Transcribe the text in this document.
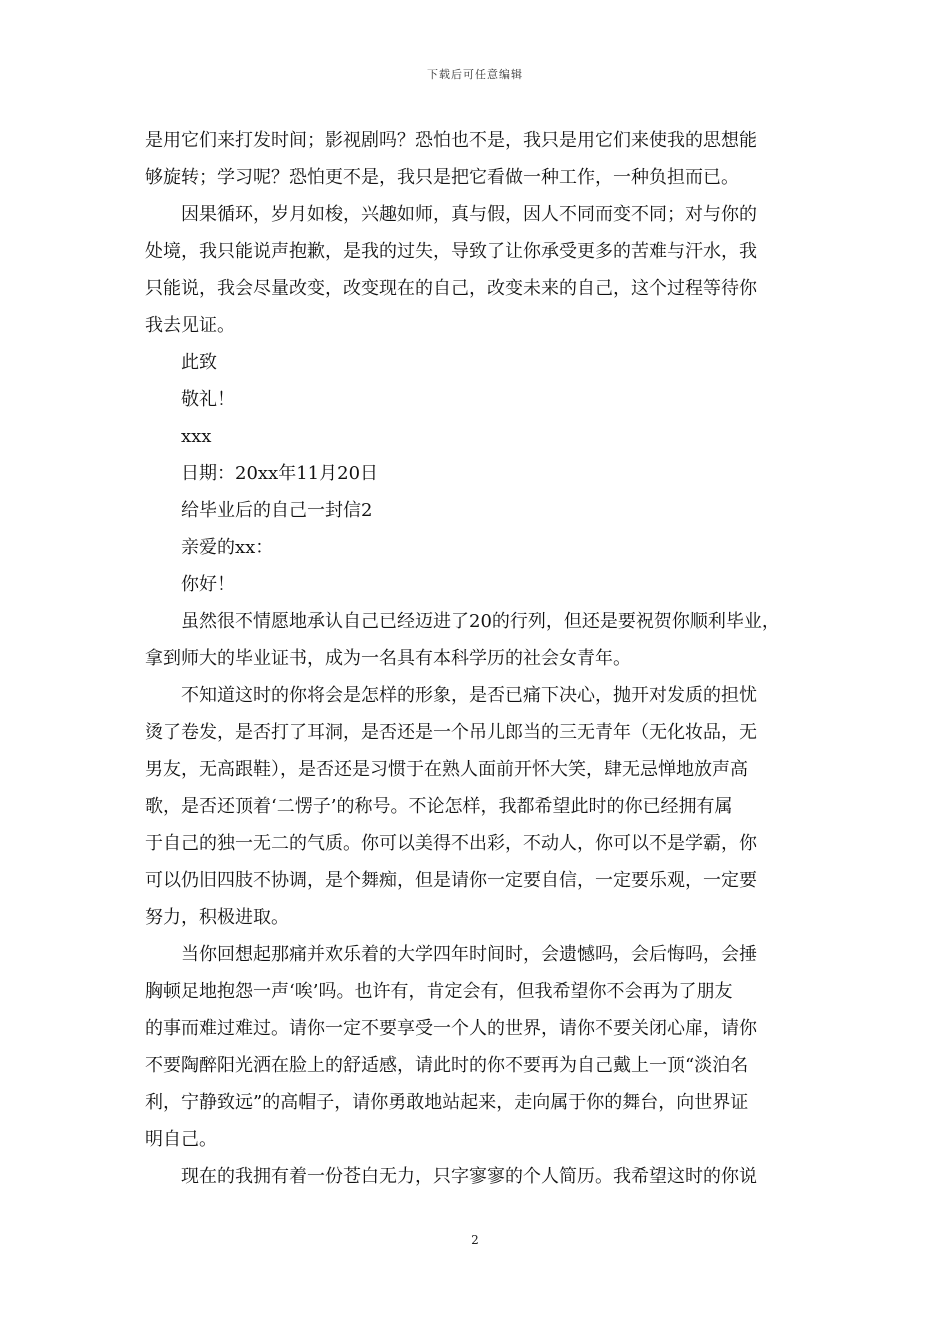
下载后可任意编辑
是用它们来打发时间；影视剧吗？恐怕也不是，我只是用它们来使我的思想能
够旋转；学习呢？恐怕更不是，我只是把它看做一种工作，一种负担而已。
　　因果循环，岁月如梭，兴趣如师，真与假，因人不同而变不同；对与你的
处境，我只能说声抱歉，是我的过失，导致了让你承受更多的苦难与汗水，我
只能说，我会尽量改变，改变现在的自己，改变未来的自己，这个过程等待你
我去见证。
　　此致
　　敬礼！
　　xxx
　　日期：20xx年11月20日
　　给毕业后的自己一封信2
　　亲爱的xx：
　　你好！
　　虽然很不情愿地承认自己已经迈进了20的行列，但还是要祝贺你顺利毕业，
拿到师大的毕业证书，成为一名具有本科学历的社会女青年。
　　不知道这时的你将会是怎样的形象，是否已痛下决心，抛开对发质的担忧
烫了卷发，是否打了耳洞，是否还是一个吊儿郎当的三无青年（无化妆品，无
男友，无高跟鞋），是否还是习惯于在熟人面前开怀大笑，肆无忌惮地放声高
歌，是否还顶着‘二愣子’的称号。不论怎样，我都希望此时的你已经拥有属
于自己的独一无二的气质。你可以美得不出彩，不动人，你可以不是学霸，你
可以仍旧四肢不协调，是个舞痴，但是请你一定要自信，一定要乐观，一定要
努力，积极进取。
　　当你回想起那痛并欢乐着的大学四年时间时，会遗憾吗，会后悔吗，会捶
胸顿足地抱怨一声‘唉’吗。也许有，肯定会有，但我希望你不会再为了朋友
的事而难过难过。请你一定不要享受一个人的世界，请你不要关闭心扉，请你
不要陶醉阳光洒在脸上的舒适感，请此时的你不要再为自己戴上一顶“淡泊名
利，宁静致远”的高帽子，请你勇敢地站起来，走向属于你的舞台，向世界证
明自己。
　　现在的我拥有着一份苍白无力，只字寥寥的个人简历。我希望这时的你说
2
